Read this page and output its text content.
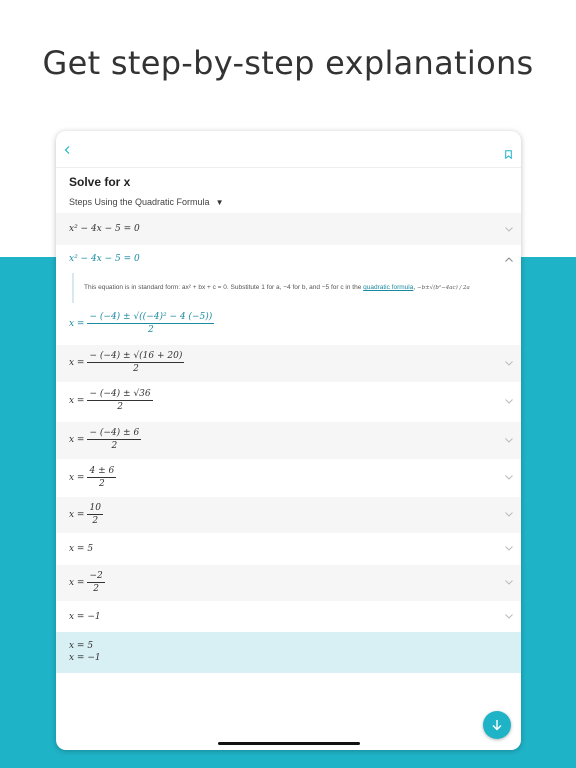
Get step-by-step explanations
Solve for x
Steps Using the Quadratic Formula ▼
x² − 4x − 5 = 0
x² − 4x − 5 = 0
This equation is in standard form: ax² + bx + c = 0. Substitute 1 for a, −4 for b, and −5 for c in the quadratic formula, −b±√(b²−4ac) / 2a
$x = \frac{\text{− (−4) ± √((−4)² − 4 (−5))}}{2}$
$x = \frac{- (-4) \pm √(16 + 20)}{2}$
$x = \frac{- (-4) \pm √36}{2}$
$x = \frac{- (-4) \pm 6}{2}$
$x = \frac{4 \pm 6}{2}$
$x = \frac{10}{2}$
x = 5
$x = \frac{-2}{2}$
x = −1
x = 5
x = −1
